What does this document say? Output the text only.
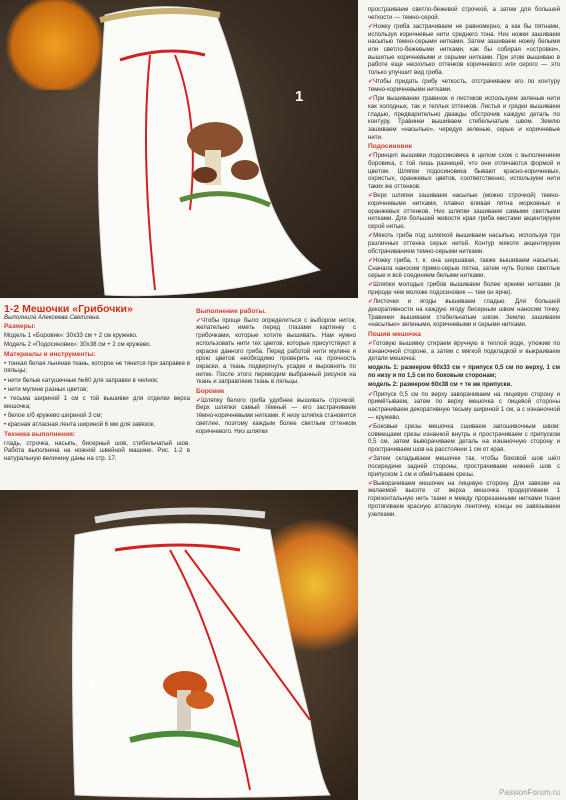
1
2
1-2 Мешочки «Грибочки»

Выполнила Алексеева Светлана.

Размеры:

Модель 1 «Боровик»: 30х33 см + 2 см кружево.

Модель 2 «Подосиновик»: 30х38 см + 2 см кружево.

Материалы и инструменты:

• тонкая белая льняная ткань, которое не тянется при заправке в пяльцы;

• нити белые катушечные №60 для заправки в челнок;

• нити мулине разных цветов;

• тесьма шириной 1 см с той вышивки для отделки верха мешочка;

• белое х/б кружево шириной 3 см;

• красная атласная лента шириной 6 мм для завязок.

Техника выполнения:

гладь, строчка, насыпь, бисерный шов, стебельчатый шов. Работа выполнена на ножной швейной машине. Рис. 1-2 в натуральную величину даны на стр. 17.

Выполнение работы.

✔ Чтобы проще было определиться с выбором ниток, желательно иметь перед глазами картинку с грибочками, которые хотите вышивать. Нам нужно использовать нити тех цветов, которые присутствуют в окраске данного гриба. Перед работой нити мулине я крою цветов необходимо проверить на прочность окраски, а ткань подвергнуть усадке и выровнять по нитке. После этого переводим выбранный рисунок на ткань и заправляем ткань в пяльцы.

Боровик

✔ Шляпку белого гриба удобнее вышивать строчкой. Верх шляпки самый тёмный — его застрачиваем тёмно-коричневыми нитками. К низу шляпка становится светлее, поэтому каждым более светлым оттенком коричневого. Низ шляпки

простраиваем светло-бежевой строчкой, а затем для большей четкости — темно-серой.

✔ Ножку гриба застрачиваем не равномерно, а как бы пятнами, используя коричневые нити среднего тона. Низ ножки зашиваем насыпью темно-серыми нитками. Затем зашиваем ножку белыми или светло-бежевыми нитками, как бы собирая «островки», вышитые коричневыми и серыми нитками. При этом вышиваю в работе еще несколько оттенков коричневого или серого — это только улучшит вид гриба.

✔ Чтобы придать грибу четкость, отстрачиваем его по контуру темно-коричневыми нитками.

✔ При вышивании травинок и листиков используем зеленые нити как холодных, так и теплых оттенков. Листья и грядки вышиваем гладью, предварительно дважды обстрочив каждую деталь по контуру. Травинки вышиваем стебельчатым швом. Землю зашиваем «насыпью», чередуя зеленые, серые и коричневые нити.

Подосиновик

✔ Принцип вышивки подосиновика в целом схож с выполнением боровика, с той лишь разницей, что они отличаются формой и цветом. Шляпки подосиновика бывают красно-коричневых, охристых, оранжевых цветов, соответственно, используем нити таких же оттенков.

✔ Верх шляпки зашиваем насыпью (можно строчкой) темно-коричневыми нитками, плавно вливая пятна морковных и оранжевых оттенков. Низ шляпки зашиваем самыми светлыми нитками. Для большей живости края гриба местами акцентируем серой нитью.

✔ Мякоть гриба под шляпкой вышиваем насыпью, используя три различных оттенка серых нитей. Контур мякоти акцентируем обстрачиванием темно-серыми нитками.

✔ Ножку гриба, т. к. она шершавая, также вышиваем насыпью. Сначала наносим прямо-серые пятна, затем чуть более светлые серые и всё соединяем белыми нитками.

✔ Шляпки молодых грибов вышиваем более яркими нитками (в природе чем моложе подосиновик — тем он ярче).

✔ Листочки и ягоды вышиваем гладью. Для большей декоративности на каждую ягоду бисерным швом наносим точку. Травинки вышиваем стебельчатым швом. Землю зашиваем «насыпью» зелеными, коричневыми и серыми нитками.

Пошив мешочка

✔ Готовую вышивку стираем вручную в теплой воде, утюжим по изнаночной стороне, а затем с мягкой подкладкой и выкраиваем детали мешочка:

модель 1: размером 60х33 см + припуск 0,5 см по верху, 1 см по низу и по 1,5 см по боковым сторонам;

модель 2: размером 60х38 см + те же припуски.

✔ Припуск 0,5 см по верху заворачиваем на лицевую сторону и примётываем, затем по верху мешочка с лицевой стороны настрачиваем декоративную тесьму шириной 1 см, а с изнаночной — кружево.

✔ Боковые срезы мешочка сшиваем запошивочным швом: совмещаем срезы изнанкой внутрь и прострачиваем с припуском 0,5 см, затем выворачиваем деталь на изнаночную сторону и прострачиваем шов на расстоянии 1 см от края.

✔ Затем складываем мешочек так, чтобы боковой шов шёл посередине задней стороны, прострачиваем нижний шов с припуском 1 см и обмётываем срезы.

✔ Выворачиваем мешочек на лицевую сторону. Для завязки на желаемой высоте от верха мешочка продергиваем 1 горизонтальную нить ткани и между прорезанными нитками ткани протягиваем красную атласную ленточку, концы ее завязываем узелками.

PassionForum.ru
